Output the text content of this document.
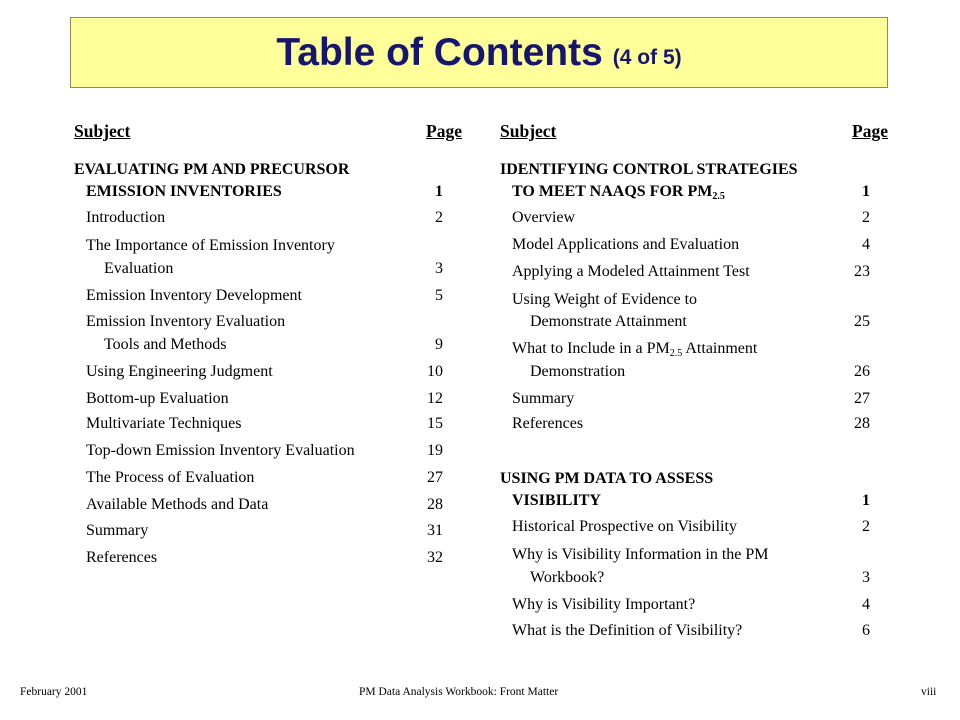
Table of Contents (4 of 5)
Subject	Page
EVALUATING PM AND PRECURSOR
EMISSION INVENTORIES	1
Introduction	2
The Importance of Emission Inventory
Evaluation	3
Emission Inventory Development	5
Emission Inventory Evaluation
Tools and Methods	9
Using Engineering Judgment	10
Bottom-up Evaluation	12
Multivariate Techniques	15
Top-down Emission Inventory Evaluation	19
The Process of Evaluation	27
Available Methods and Data	28
Summary	31
References	32
Subject	Page
IDENTIFYING CONTROL STRATEGIES
TO MEET NAAQS FOR $PM_{2.5}$	1
Overview	2
Model Applications and Evaluation	4
Applying a Modeled Attainment Test	23
Using Weight of Evidence to
Demonstrate Attainment	25
What to Include in a $PM_{2.5}$ Attainment
Demonstration	26
Summary	27
References	28
USING PM DATA TO ASSESS
VISIBILITY	1
Historical Prospective on Visibility	2
Why is Visibility Information in the PM
Workbook?	3
Why is Visibility Important?	4
What is the Definition of Visibility?	6
February 2001	PM Data Analysis Workbook: Front Matter	viii
